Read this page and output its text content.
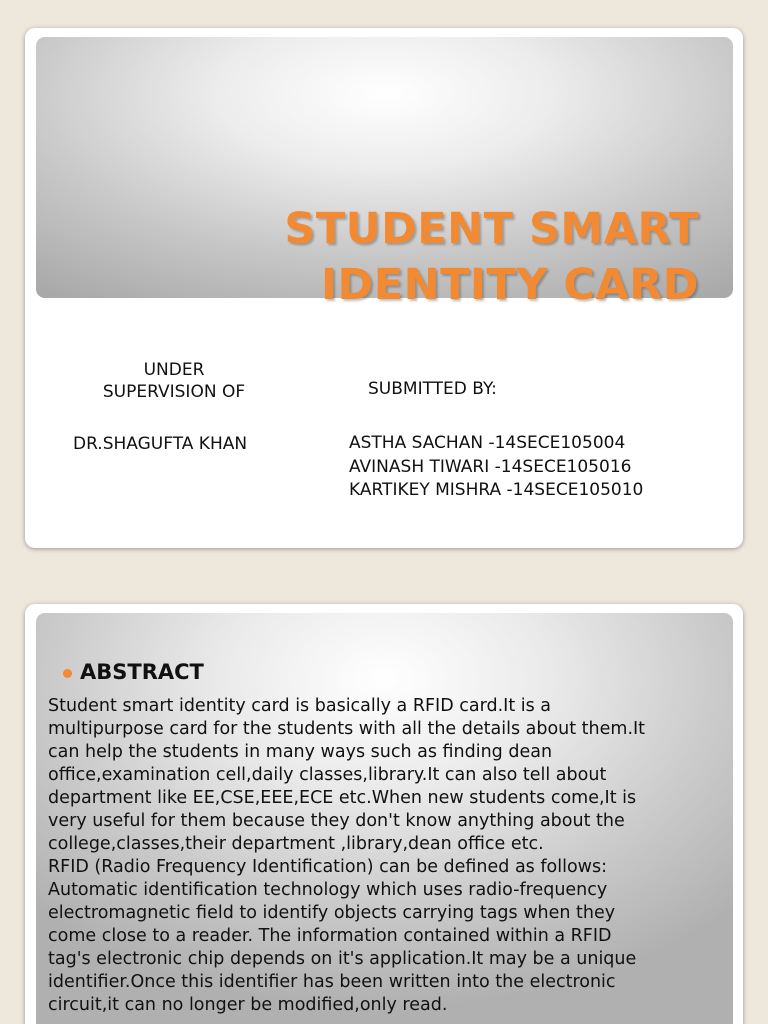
STUDENT SMART
IDENTITY CARD
UNDER
SUPERVISION OF	SUBMITTED BY:
DR.SHAGUFTA KHAN	ASTHA SACHAN -14SECE105004
AVINASH TIWARI -14SECE105016
KARTIKEY MISHRA -14SECE105010
ABSTRACT
Student smart identity card is basically a RFID card.It is a
multipurpose card for the students with all the details about them.It
can help the students in many ways such as finding dean
office,examination cell,daily classes,library.It can also tell about
department like EE,CSE,EEE,ECE etc.When new students come,It is
very useful for them because they don't know anything about the
college,classes,their department ,library,dean office etc.
RFID (Radio Frequency Identification) can be defined as follows:
Automatic identification technology which uses radio-frequency
electromagnetic field to identify objects carrying tags when they
come close to a reader. The information contained within a RFID
tag's electronic chip depends on it's application.It may be a unique
identifier.Once this identifier has been written into the electronic
circuit,it can no longer be modified,only read.
